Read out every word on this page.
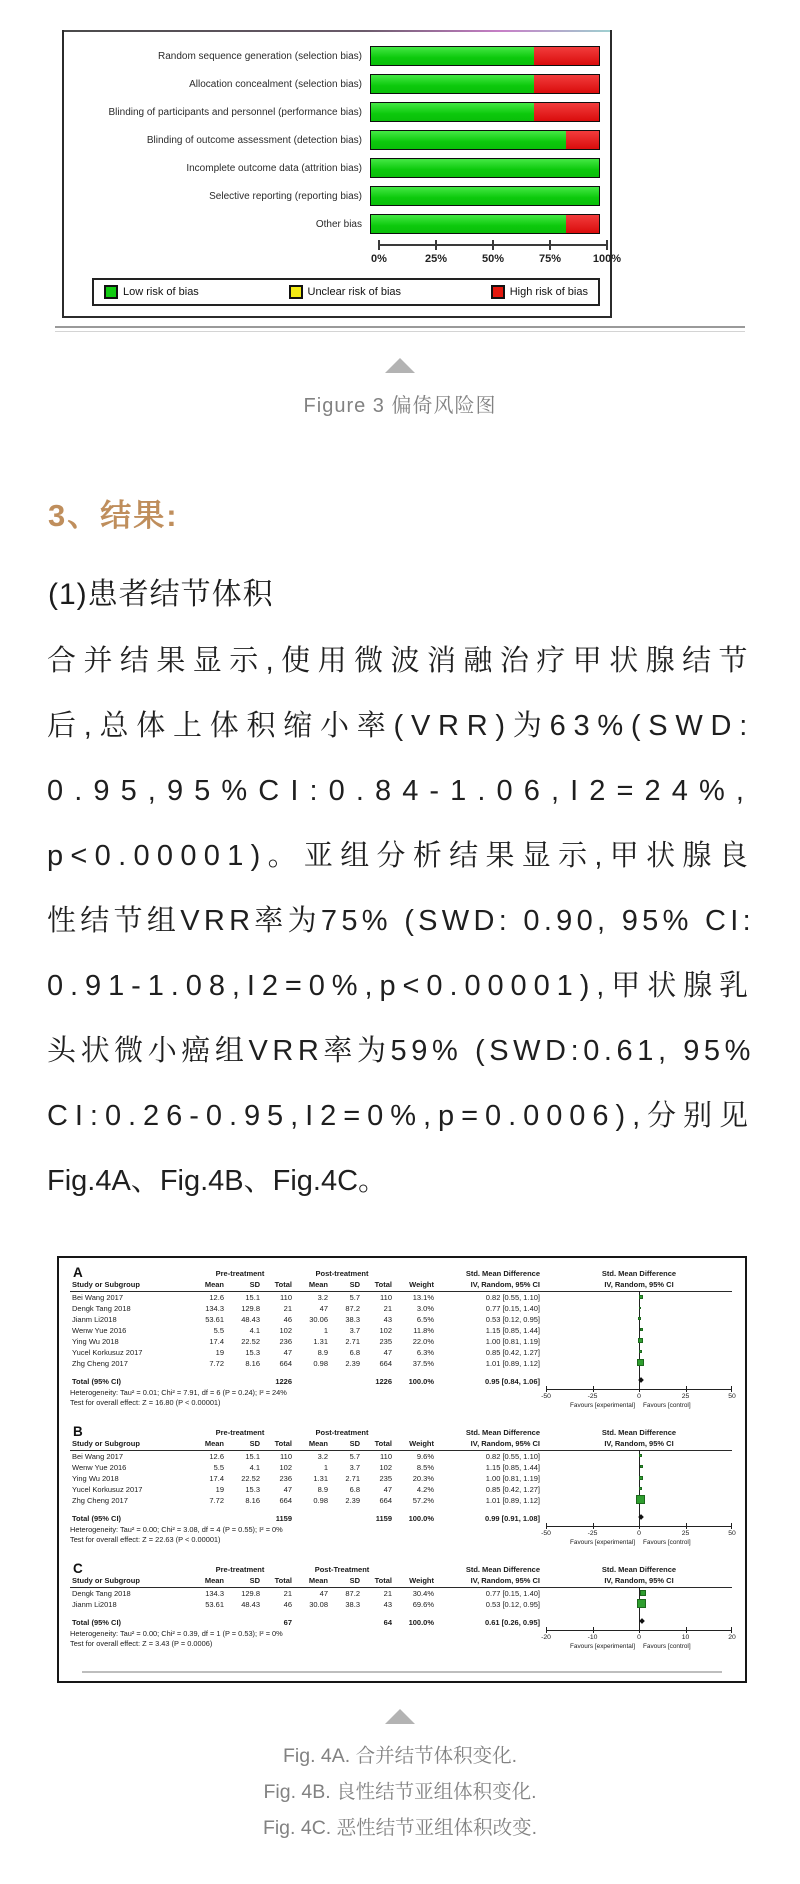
Random sequence generation (selection bias)
Allocation concealment (selection bias)
Blinding of participants and personnel (performance bias)
Blinding of outcome assessment (detection bias)
Incomplete outcome data (attrition bias)
Selective reporting (reporting bias)
Other bias
0%	25%	50%	75%	100%
Low risk of bias	Unclear risk of bias	High risk of bias
Figure 3 偏倚风险图
3、结果:
(1)患者结节体积
合并结果显示,使用微波消融治疗甲状腺结节
后,总体上体积缩小率(VRR)为63%(SWD:
0.95,95%CI:0.84-1.06,I2=24%,
p<0.00001)。亚组分析结果显示,甲状腺良
性结节组VRR率为75% (SWD: 0.90, 95% CI:
0.91-1.08,I2=0%,p<0.00001),甲状腺乳
头状微小癌组VRR率为59% (SWD:0.61, 95%
CI:0.26-0.95,I2=0%,p=0.0006),分别见
Fig.4A、Fig.4B、Fig.4C。
A	Pre-treatment	Post-treatment	Std. Mean Difference	Std. Mean Difference
Study or Subgroup	Mean	SD	Total	Mean	SD	Total	Weight	IV, Random, 95% CI	IV, Random, 95% CI
Bei Wang 2017	12.6	15.1	110	3.2	5.7	110	13.1%	0.82 [0.55, 1.10]
Dengk Tang 2018	134.3	129.8	21	47	87.2	21	3.0%	0.77 [0.15, 1.40]
Jianm Li2018	53.61	48.43	46	30.06	38.3	43	6.5%	0.53 [0.12, 0.95]
Wenw Yue 2016	5.5	4.1	102	1	3.7	102	11.8%	1.15 [0.85, 1.44]
Ying Wu 2018	17.4	22.52	236	1.31	2.71	235	22.0%	1.00 [0.81, 1.19]
Yucel Korkusuz 2017	19	15.3	47	8.9	6.8	47	6.3%	0.85 [0.42, 1.27]
Zhg Cheng 2017	7.72	8.16	664	0.98	2.39	664	37.5%	1.01 [0.89, 1.12]
Total (95% CI)	1226	1226	100.0%	0.95 [0.84, 1.06]
Heterogeneity: Tau² = 0.01; Chi² = 7.91, df = 6 (P = 0.24); I² = 24%
Test for overall effect: Z = 16.80 (P < 0.00001)
-50	-25	0	25	50
Favours [experimental]	Favours [control]
B	Pre-treatment	Post-treatment	Std. Mean Difference	Std. Mean Difference
Study or Subgroup	Mean	SD	Total	Mean	SD	Total	Weight	IV, Random, 95% CI	IV, Random, 95% CI
Bei Wang 2017	12.6	15.1	110	3.2	5.7	110	9.6%	0.82 [0.55, 1.10]
Wenw Yue 2016	5.5	4.1	102	1	3.7	102	8.5%	1.15 [0.85, 1.44]
Ying Wu 2018	17.4	22.52	236	1.31	2.71	235	20.3%	1.00 [0.81, 1.19]
Yucel Korkusuz 2017	19	15.3	47	8.9	6.8	47	4.2%	0.85 [0.42, 1.27]
Zhg Cheng 2017	7.72	8.16	664	0.98	2.39	664	57.2%	1.01 [0.89, 1.12]
Total (95% CI)	1159	1159	100.0%	0.99 [0.91, 1.08]
Heterogeneity: Tau² = 0.00; Chi² = 3.08, df = 4 (P = 0.55); I² = 0%
Test for overall effect: Z = 22.63 (P < 0.00001)
-50	-25	0	25	50
Favours [experimental]	Favours [control]
C	Pre-treatment	Post-Treatment	Std. Mean Difference	Std. Mean Difference
Study or Subgroup	Mean	SD	Total	Mean	SD	Total	Weight	IV, Random, 95% CI	IV, Random, 95% CI
Dengk Tang 2018	134.3	129.8	21	47	87.2	21	30.4%	0.77 [0.15, 1.40]
Jianm Li2018	53.61	48.43	46	30.08	38.3	43	69.6%	0.53 [0.12, 0.95]
Total (95% CI)	67	64	100.0%	0.61 [0.26, 0.95]
Heterogeneity: Tau² = 0.00; Chi² = 0.39, df = 1 (P = 0.53); I² = 0%
Test for overall effect: Z = 3.43 (P = 0.0006)
-20	-10	0	10	20
Favours [experimental]	Favours [control]
Fig. 4A. 合并结节体积变化.
Fig. 4B. 良性结节亚组体积变化.
Fig. 4C. 恶性结节亚组体积改变.
